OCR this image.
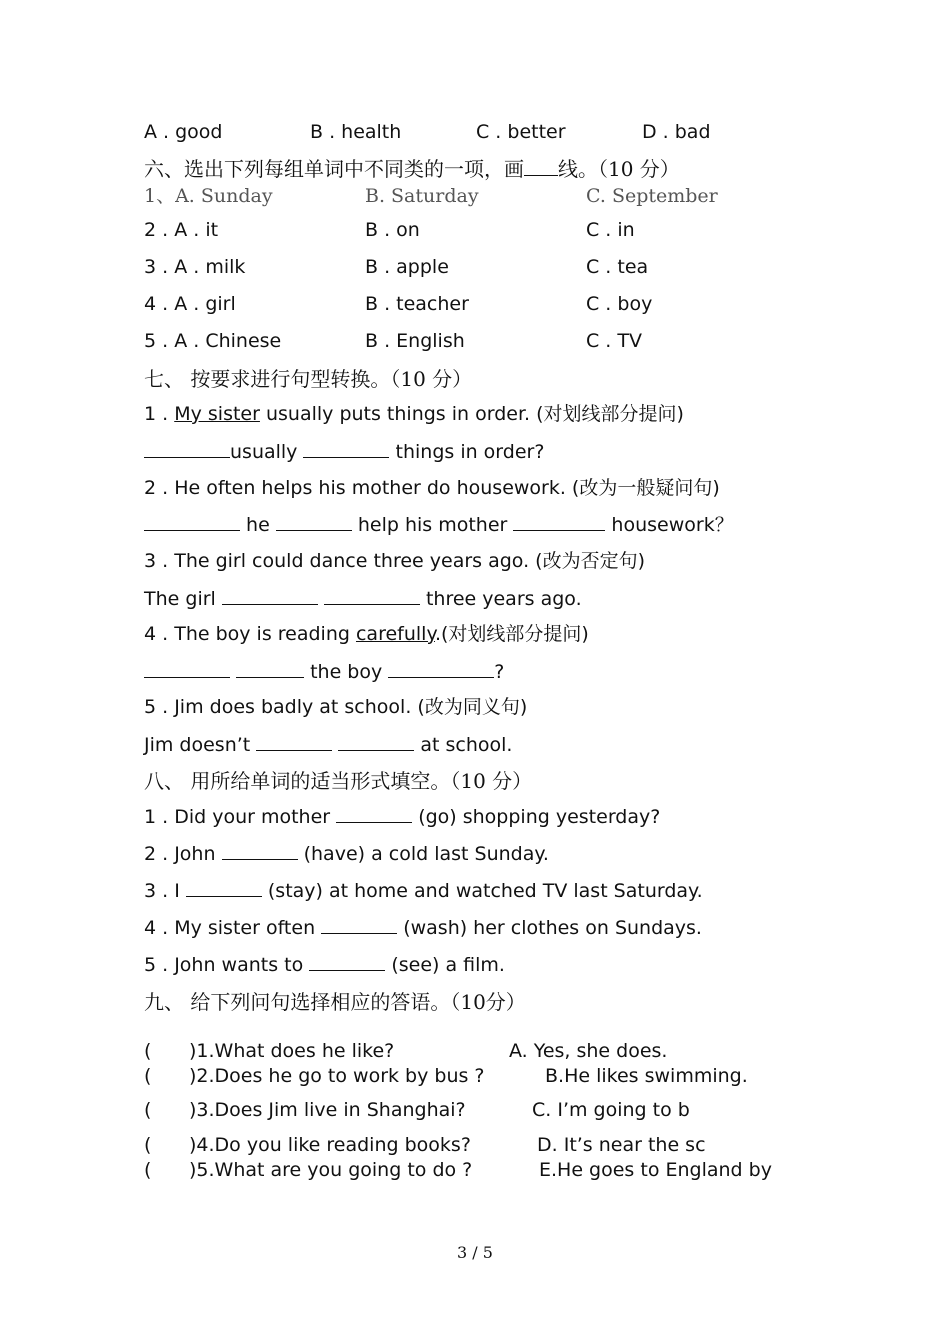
A . good	B . health	C . better	D . bad
六、选出下列每组单词中不同类的一项，画 线。（10 分）
1、A. Sunday	B. Saturday	C. September
2 . A . it	B . on	C . in
3 . A . milk	B . apple	C . tea
4 . A . girl	B . teacher	C . boy
5 . A . Chinese	B . English	C . TV
七、 按要求进行句型转换。（10 分）
1 . My sister usually puts things in order. (对划线部分提问)
usually	things in order?
2 . He often helps his mother do housework. (改为一般疑问句)
he	help his mother	housework？
3 . The girl could dance three years ago. (改为否定句)
The girl	three years ago.
4 . The boy is reading carefully.(对划线部分提问)
the boy	?
5 . Jim does badly at school. (改为同义句)
Jim doesn’t	at school.
八、 用所给单词的适当形式填空。（10 分）
1 . Did your mother	(go) shopping yesterday?
2 . John	(have) a cold last Sunday.
3 . I	(stay) at home and watched TV last Saturday.
4 . My sister often	(wash) her clothes on Sundays.
5 . John wants to	(see) a film.
九、 给下列问句选择相应的答语。（10分）
( )1.What does he like?	A. Yes, she does.
( )2.Does he go to work by bus ?	B.He likes swimming.
( )3.Does Jim live in Shanghai?	C. I’m going to b
( )4.Do you like reading books?	D. It’s near the sc
( )5.What are you going to do ?	E.He goes to England by
3 / 5
